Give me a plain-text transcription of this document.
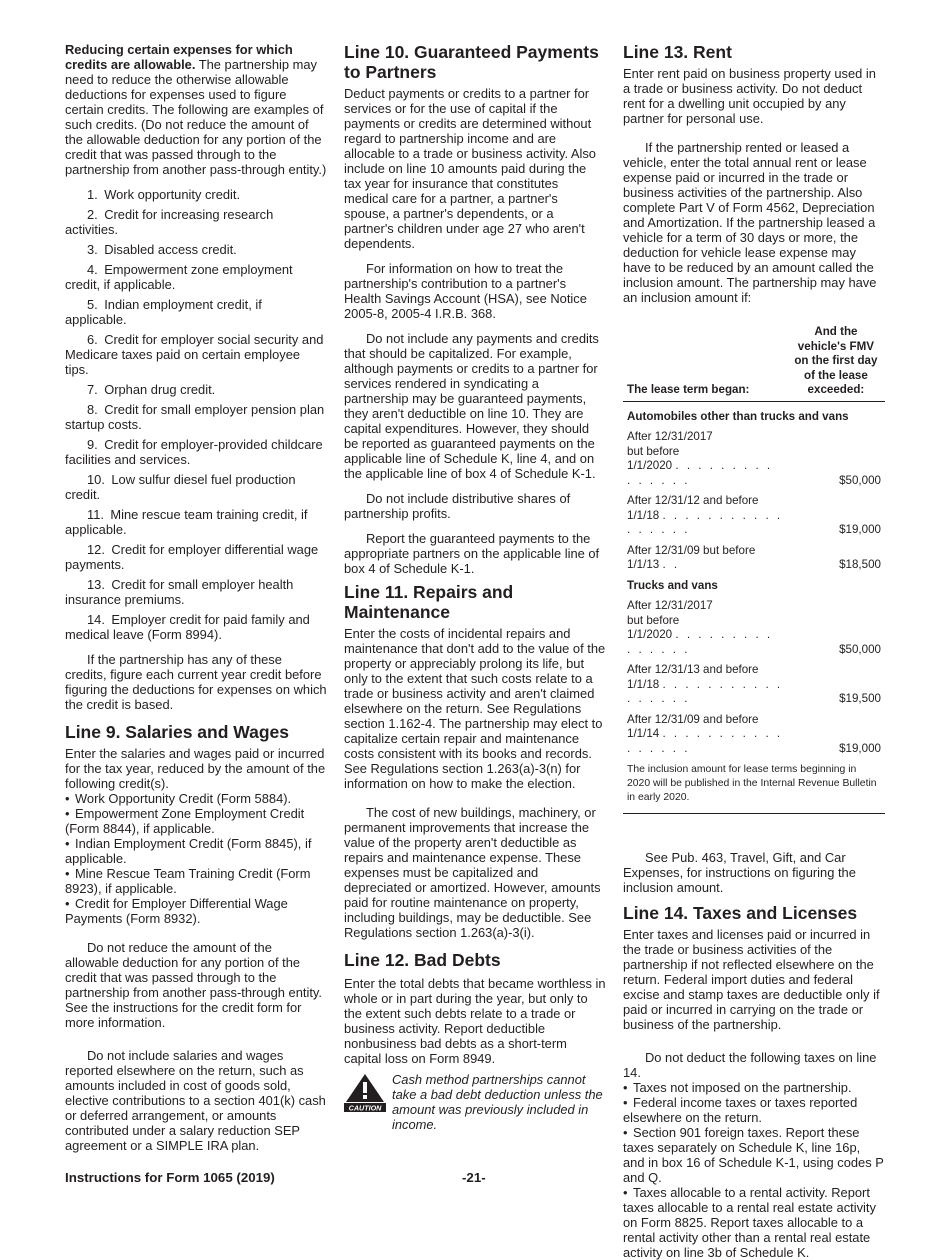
Reducing certain expenses for which credits are allowable. The partnership may need to reduce the otherwise allowable deductions for expenses used to figure certain credits. The following are examples of such credits. (Do not reduce the amount of the allowable deduction for any portion of the credit that was passed through to the partnership from another pass-through entity.)

1. Work opportunity credit.

2. Credit for increasing research activities.

3. Disabled access credit.

4. Empowerment zone employment credit, if applicable.

5. Indian employment credit, if applicable.

6. Credit for employer social security and Medicare taxes paid on certain employee tips.

7. Orphan drug credit.

8. Credit for small employer pension plan startup costs.

9. Credit for employer-provided childcare facilities and services.

10. Low sulfur diesel fuel production credit.

11. Mine rescue team training credit, if applicable.

12. Credit for employer differential wage payments.

13. Credit for small employer health insurance premiums.

14. Employer credit for paid family and medical leave (Form 8994).

If the partnership has any of these credits, figure each current year credit before figuring the deductions for expenses on which the credit is based.

Line 9. Salaries and Wages

Enter the salaries and wages paid or incurred for the tax year, reduced by the amount of the following credit(s).

• Work Opportunity Credit (Form 5884).

• Empowerment Zone Employment Credit (Form 8844), if applicable.

• Indian Employment Credit (Form 8845), if applicable.

• Mine Rescue Team Training Credit (Form 8923), if applicable.

• Credit for Employer Differential Wage Payments (Form 8932).

Do not reduce the amount of the allowable deduction for any portion of the credit that was passed through to the partnership from another pass-through entity. See the instructions for the credit form for more information.

Do not include salaries and wages reported elsewhere on the return, such as amounts included in cost of goods sold, elective contributions to a section 401(k) cash or deferred arrangement, or amounts contributed under a salary reduction SEP agreement or a SIMPLE IRA plan.

Line 10. Guaranteed Payments to Partners

Deduct payments or credits to a partner for services or for the use of capital if the payments or credits are determined without regard to partnership income and are allocable to a trade or business activity. Also include on line 10 amounts paid during the tax year for insurance that constitutes medical care for a partner, a partner's spouse, a partner's dependents, or a partner's children under age 27 who aren't dependents.

For information on how to treat the partnership's contribution to a partner's Health Savings Account (HSA), see Notice 2005-8, 2005-4 I.R.B. 368.

Do not include any payments and credits that should be capitalized. For example, although payments or credits to a partner for services rendered in syndicating a partnership may be guaranteed payments, they aren't deductible on line 10. They are capital expenditures. However, they should be reported as guaranteed payments on the applicable line of Schedule K, line 4, and on the applicable line of box 4 of Schedule K-1.

Do not include distributive shares of partnership profits.

Report the guaranteed payments to the appropriate partners on the applicable line of box 4 of Schedule K-1.

Line 11. Repairs and Maintenance

Enter the costs of incidental repairs and maintenance that don't add to the value of the property or appreciably prolong its life, but only to the extent that such costs relate to a trade or business activity and aren't claimed elsewhere on the return. See Regulations section 1.162-4. The partnership may elect to capitalize certain repair and maintenance costs consistent with its books and records. See Regulations section 1.263(a)-3(n) for information on how to make the election.

The cost of new buildings, machinery, or permanent improvements that increase the value of the property aren't deductible as repairs and maintenance expense. These expenses must be capitalized and depreciated or amortized. However, amounts paid for routine maintenance on property, including buildings, may be deductible. See Regulations section 1.263(a)-3(i).

Line 12. Bad Debts

Enter the total debts that became worthless in whole or in part during the year, but only to the extent such debts relate to a trade or business activity. Report deductible nonbusiness bad debts as a short-term capital loss on Form 8949.

CAUTION
Cash method partnerships cannot take a bad debt deduction unless the amount was previously included in income.
Line 13. Rent

Enter rent paid on business property used in a trade or business activity. Do not deduct rent for a dwelling unit occupied by any partner for personal use.

If the partnership rented or leased a vehicle, enter the total annual rent or lease expense paid or incurred in the trade or business activities of the partnership. Also complete Part V of Form 4562, Depreciation and Amortization. If the partnership leased a vehicle for a term of 30 days or more, the deduction for vehicle lease expense may have to be reduced by an amount called the inclusion amount. The partnership may have an inclusion amount if:

The lease term began:	And the vehicle's FMV on the first day of the lease exceeded:
Automobiles other than trucks and vans	
After 12/31/2017
but before
1/1/2020 . . . . . . . . . . . . . . .	$50,000
After 12/31/12 and before
1/1/18 . . . . . . . . . . . . . . . . .	$19,000
After 12/31/09 but before 1/1/13 . .	$18,500
Trucks and vans	
After 12/31/2017
but before
1/1/2020 . . . . . . . . . . . . . . .	$50,000
After 12/31/13 and before
1/1/18 . . . . . . . . . . . . . . . . .	$19,500
After 12/31/09 and before
1/1/14 . . . . . . . . . . . . . . . . .	$19,000
The inclusion amount for lease terms beginning in 2020 will be published in the Internal Revenue Bulletin in early 2020.	

See Pub. 463, Travel, Gift, and Car Expenses, for instructions on figuring the inclusion amount.

Line 14. Taxes and Licenses

Enter taxes and licenses paid or incurred in the trade or business activities of the partnership if not reflected elsewhere on the return. Federal import duties and federal excise and stamp taxes are deductible only if paid or incurred in carrying on the trade or business of the partnership.

Do not deduct the following taxes on line 14.

• Taxes not imposed on the partnership.

• Federal income taxes or taxes reported elsewhere on the return.

• Section 901 foreign taxes. Report these taxes separately on Schedule K, line 16p, and in box 16 of Schedule K-1, using codes P and Q.

• Taxes allocable to a rental activity. Report taxes allocable to a rental real estate activity on Form 8825. Report taxes allocable to a rental activity other than a rental real estate activity on line 3b of Schedule K.

Instructions for Form 1065 (2019)	-21-
